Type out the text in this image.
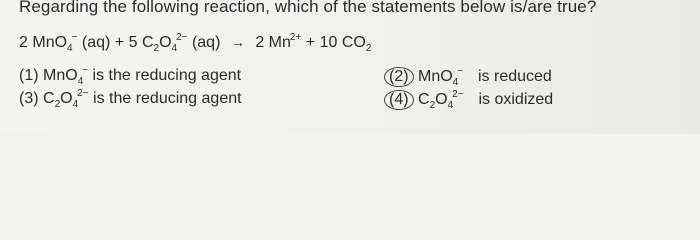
Regarding the following reaction, which of the statements below is/are true?
2 MnO$_4$− (aq) + 5 $C_2O_4^{2-}$ (aq) → 2 $Mn^{2+} + 10$ $CO_2$
(1) MnO$_4$− is the reducing agent
(3) $C_2O_4^{2-}$ is the reducing agent
(2) MnO$_4$− is reduced
(4) $C_2O_4^{2-}$ is oxidized
